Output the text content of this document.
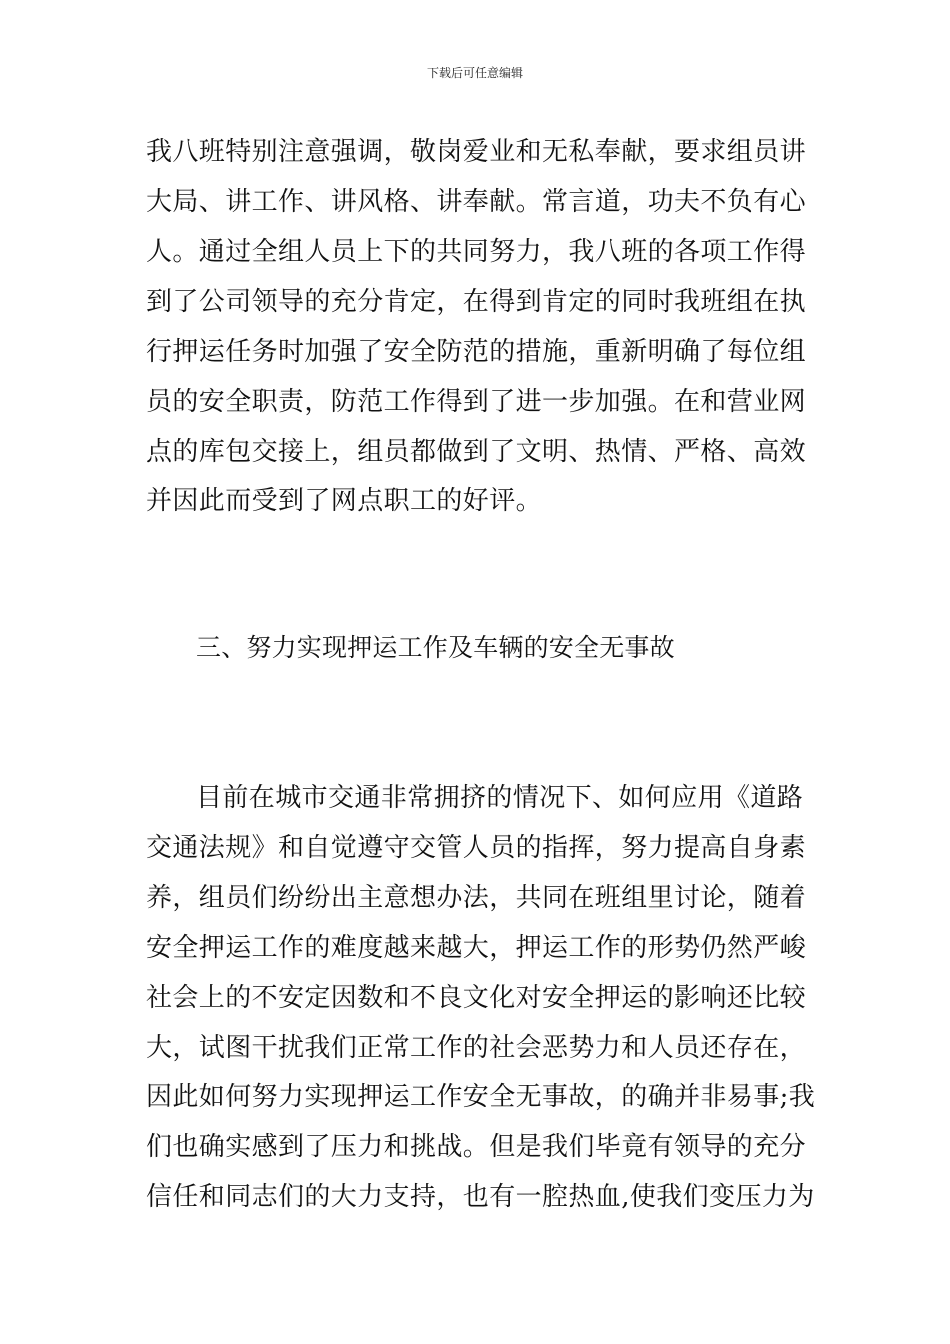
下载后可任意编辑
我八班特别注意强调，敬岗爱业和无私奉献，要求组员讲
大局、讲工作、讲风格、讲奉献。常言道，功夫不负有心
人。通过全组人员上下的共同努力，我八班的各项工作得
到了公司领导的充分肯定，在得到肯定的同时我班组在执
行押运任务时加强了安全防范的措施，重新明确了每位组
员的安全职责，防范工作得到了进一步加强。在和营业网
点的库包交接上，组员都做到了文明、热情、严格、高效
并因此而受到了网点职工的好评。
三、努力实现押运工作及车辆的安全无事故
目前在城市交通非常拥挤的情况下、如何应用《道路
交通法规》和自觉遵守交管人员的指挥，努力提高自身素
养，组员们纷纷出主意想办法，共同在班组里讨论，随着
安全押运工作的难度越来越大，押运工作的形势仍然严峻
社会上的不安定因数和不良文化对安全押运的影响还比较
大，试图干扰我们正常工作的社会恶势力和人员还存在，
因此如何努力实现押运工作安全无事故，的确并非易事;我
们也确实感到了压力和挑战。但是我们毕竟有领导的充分
信任和同志们的大力支持，也有一腔热血,使我们变压力为
